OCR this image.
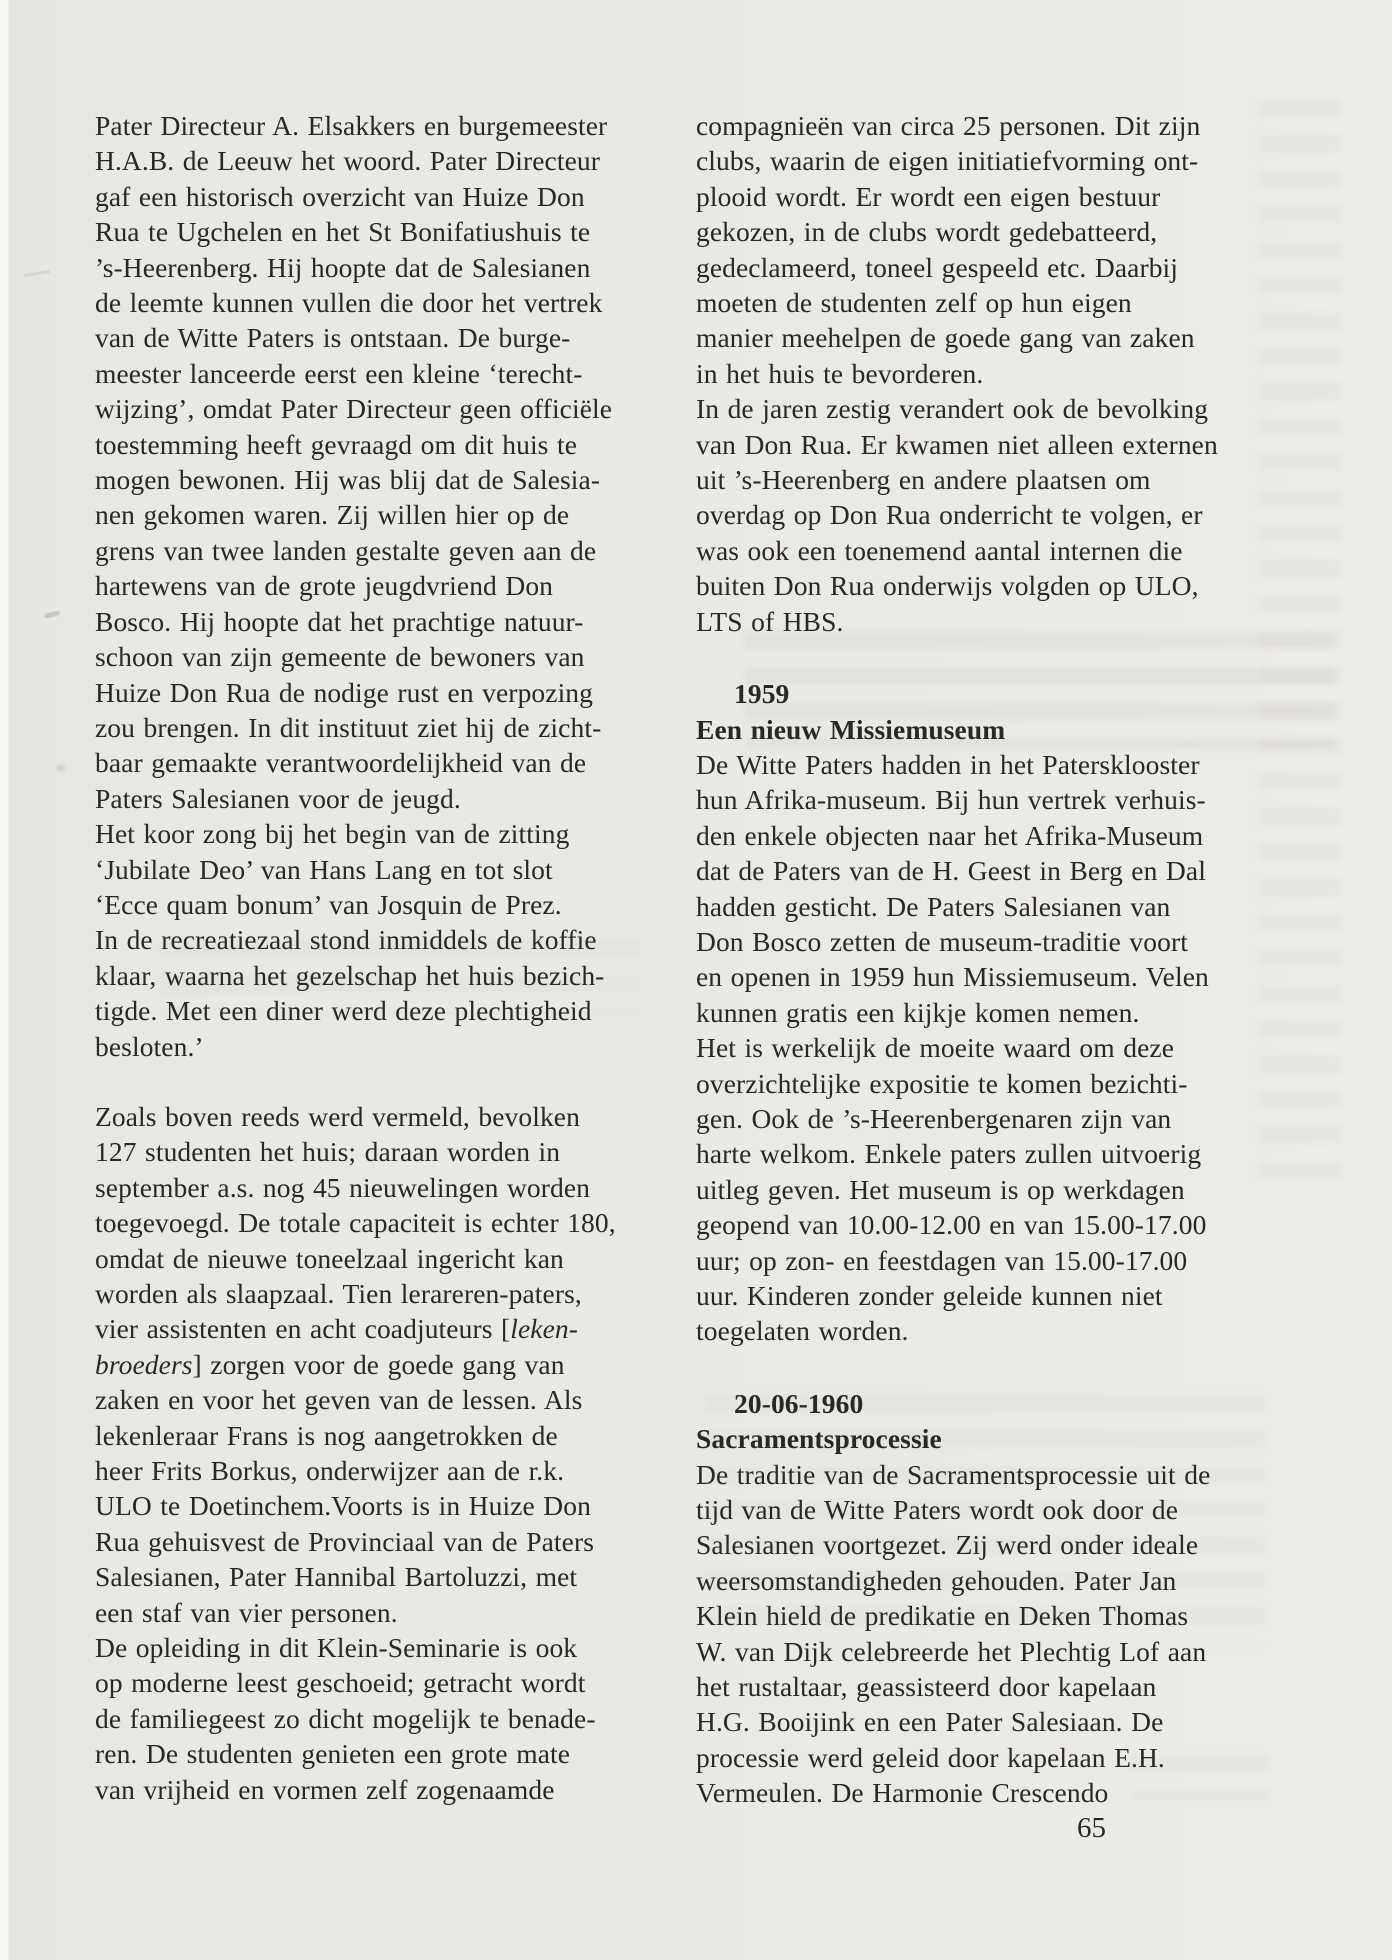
Pater Directeur A. Elsakkers en burgemeester
H.A.B. de Leeuw het woord. Pater Directeur
gaf een historisch overzicht van Huize Don
Rua te Ugchelen en het St Bonifatiushuis te
’s-Heerenberg. Hij hoopte dat de Salesianen
de leemte kunnen vullen die door het vertrek
van de Witte Paters is ontstaan. De burge-
meester lanceerde eerst een kleine ‘terecht-
wijzing’, omdat Pater Directeur geen officiële
toestemming heeft gevraagd om dit huis te
mogen bewonen. Hij was blij dat de Salesia-
nen gekomen waren. Zij willen hier op de
grens van twee landen gestalte geven aan de
hartewens van de grote jeugdvriend Don
Bosco. Hij hoopte dat het prachtige natuur-
schoon van zijn gemeente de bewoners van
Huize Don Rua de nodige rust en verpozing
zou brengen. In dit instituut ziet hij de zicht-
baar gemaakte verantwoordelijkheid van de
Paters Salesianen voor de jeugd.
Het koor zong bij het begin van de zitting
‘Jubilate Deo’ van Hans Lang en tot slot
‘Ecce quam bonum’ van Josquin de Prez.
In de recreatiezaal stond inmiddels de koffie
klaar, waarna het gezelschap het huis bezich-
tigde. Met een diner werd deze plechtigheid
besloten.’
Zoals boven reeds werd vermeld, bevolken
127 studenten het huis; daraan worden in
september a.s. nog 45 nieuwelingen worden
toegevoegd. De totale capaciteit is echter 180,
omdat de nieuwe toneelzaal ingericht kan
worden als slaapzaal. Tien lerareren-paters,
vier assistenten en acht coadjuteurs [leken-
broeders] zorgen voor de goede gang van
zaken en voor het geven van de lessen. Als
lekenleraar Frans is nog aangetrokken de
heer Frits Borkus, onderwijzer aan de r.k.
ULO te Doetinchem.Voorts is in Huize Don
Rua gehuisvest de Provinciaal van de Paters
Salesianen, Pater Hannibal Bartoluzzi, met
een staf van vier personen.
De opleiding in dit Klein-Seminarie is ook
op moderne leest geschoeid; getracht wordt
de familiegeest zo dicht mogelijk te benade-
ren. De studenten genieten een grote mate
van vrijheid en vormen zelf zogenaamde
compagnieën van circa 25 personen. Dit zijn
clubs, waarin de eigen initiatiefvorming ont-
plooid wordt. Er wordt een eigen bestuur
gekozen, in de clubs wordt gedebatteerd,
gedeclameerd, toneel gespeeld etc. Daarbij
moeten de studenten zelf op hun eigen
manier meehelpen de goede gang van zaken
in het huis te bevorderen.
In de jaren zestig verandert ook de bevolking
van Don Rua. Er kwamen niet alleen externen
uit ’s-Heerenberg en andere plaatsen om
overdag op Don Rua onderricht te volgen, er
was ook een toenemend aantal internen die
buiten Don Rua onderwijs volgden op ULO,
LTS of HBS.
1959
Een nieuw Missiemuseum
De Witte Paters hadden in het Patersklooster
hun Afrika-museum. Bij hun vertrek verhuis-
den enkele objecten naar het Afrika-Museum
dat de Paters van de H. Geest in Berg en Dal
hadden gesticht. De Paters Salesianen van
Don Bosco zetten de museum-traditie voort
en openen in 1959 hun Missiemuseum. Velen
kunnen gratis een kijkje komen nemen.
Het is werkelijk de moeite waard om deze
overzichtelijke expositie te komen bezichti-
gen. Ook de ’s-Heerenbergenaren zijn van
harte welkom. Enkele paters zullen uitvoerig
uitleg geven. Het museum is op werkdagen
geopend van 10.00-12.00 en van 15.00-17.00
uur; op zon- en feestdagen van 15.00-17.00
uur. Kinderen zonder geleide kunnen niet
toegelaten worden.
20-06-1960
Sacramentsprocessie
De traditie van de Sacramentsprocessie uit de
tijd van de Witte Paters wordt ook door de
Salesianen voortgezet. Zij werd onder ideale
weersomstandigheden gehouden. Pater Jan
Klein hield de predikatie en Deken Thomas
W. van Dijk celebreerde het Plechtig Lof aan
het rustaltaar, geassisteerd door kapelaan
H.G. Booijink en een Pater Salesiaan. De
processie werd geleid door kapelaan E.H.
Vermeulen. De Harmonie Crescendo
65
